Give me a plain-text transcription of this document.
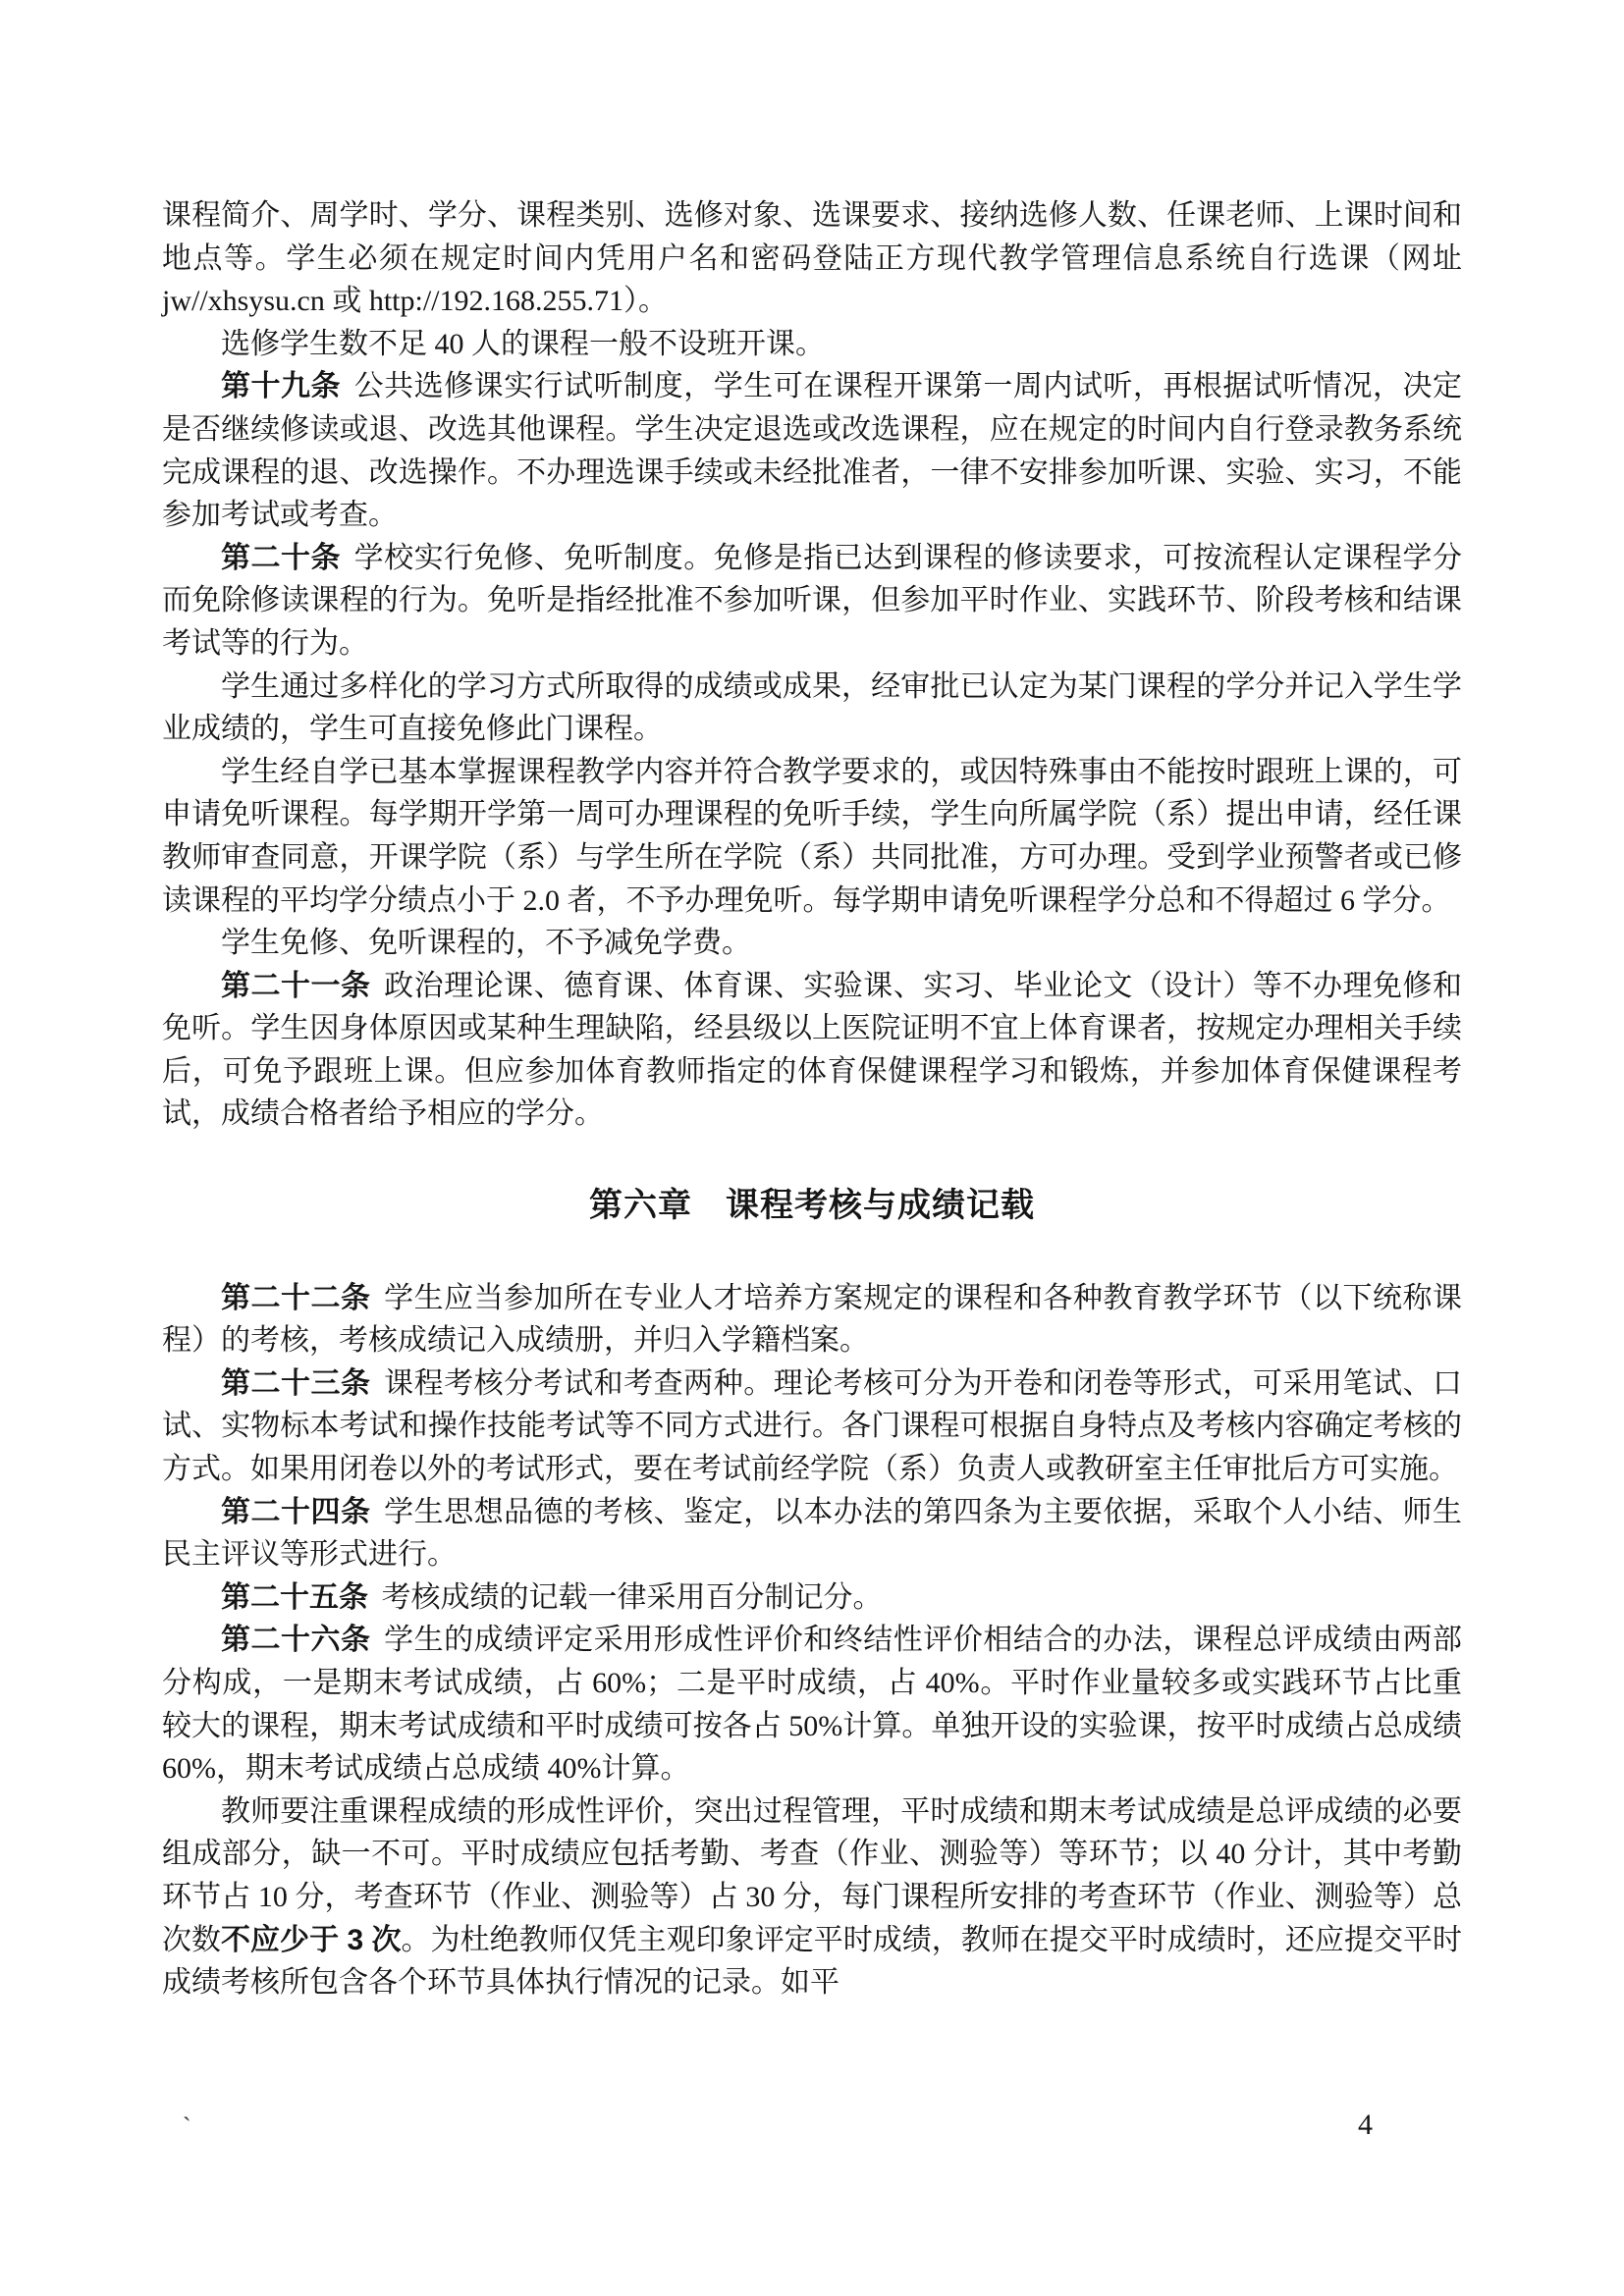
课程简介、周学时、学分、课程类别、选修对象、选课要求、接纳选修人数、任课老师、上课时间和地点等。学生必须在规定时间内凭用户名和密码登陆正方现代教学管理信息系统自行选课（网址 jw//xhsysu.cn 或 http://192.168.255.71）。

选修学生数不足 40 人的课程一般不设班开课。

第十九条 公共选修课实行试听制度，学生可在课程开课第一周内试听，再根据试听情况，决定是否继续修读或退、改选其他课程。学生决定退选或改选课程，应在规定的时间内自行登录教务系统完成课程的退、改选操作。不办理选课手续或未经批准者，一律不安排参加听课、实验、实习，不能参加考试或考查。

第二十条 学校实行免修、免听制度。免修是指已达到课程的修读要求，可按流程认定课程学分而免除修读课程的行为。免听是指经批准不参加听课，但参加平时作业、实践环节、阶段考核和结课考试等的行为。

学生通过多样化的学习方式所取得的成绩或成果，经审批已认定为某门课程的学分并记入学生学业成绩的，学生可直接免修此门课程。

学生经自学已基本掌握课程教学内容并符合教学要求的，或因特殊事由不能按时跟班上课的，可申请免听课程。每学期开学第一周可办理课程的免听手续，学生向所属学院（系）提出申请，经任课教师审查同意，开课学院（系）与学生所在学院（系）共同批准，方可办理。受到学业预警者或已修读课程的平均学分绩点小于 2.0 者，不予办理免听。每学期申请免听课程学分总和不得超过 6 学分。

学生免修、免听课程的，不予减免学费。

第二十一条 政治理论课、德育课、体育课、实验课、实习、毕业论文（设计）等不办理免修和免听。学生因身体原因或某种生理缺陷，经县级以上医院证明不宜上体育课者，按规定办理相关手续后，可免予跟班上课。但应参加体育教师指定的体育保健课程学习和锻炼，并参加体育保健课程考试，成绩合格者给予相应的学分。

第六章 课程考核与成绩记载

第二十二条 学生应当参加所在专业人才培养方案规定的课程和各种教育教学环节（以下统称课程）的考核，考核成绩记入成绩册，并归入学籍档案。

第二十三条 课程考核分考试和考查两种。理论考核可分为开卷和闭卷等形式，可采用笔试、口试、实物标本考试和操作技能考试等不同方式进行。各门课程可根据自身特点及考核内容确定考核的方式。如果用闭卷以外的考试形式，要在考试前经学院（系）负责人或教研室主任审批后方可实施。

第二十四条 学生思想品德的考核、鉴定，以本办法的第四条为主要依据，采取个人小结、师生民主评议等形式进行。

第二十五条 考核成绩的记载一律采用百分制记分。

第二十六条 学生的成绩评定采用形成性评价和终结性评价相结合的办法，课程总评成绩由两部分构成，一是期末考试成绩，占 60%；二是平时成绩，占 40%。平时作业量较多或实践环节占比重较大的课程，期末考试成绩和平时成绩可按各占 50%计算。单独开设的实验课，按平时成绩占总成绩 60%，期末考试成绩占总成绩 40%计算。

教师要注重课程成绩的形成性评价，突出过程管理，平时成绩和期末考试成绩是总评成绩的必要组成部分，缺一不可。平时成绩应包括考勤、考查（作业、测验等）等环节；以 40 分计，其中考勤环节占 10 分，考查环节（作业、测验等）占 30 分，每门课程所安排的考查环节（作业、测验等）总次数不应少于 3 次。为杜绝教师仅凭主观印象评定平时成绩，教师在提交平时成绩时，还应提交平时成绩考核所包含各个环节具体执行情况的记录。如平

`	4
